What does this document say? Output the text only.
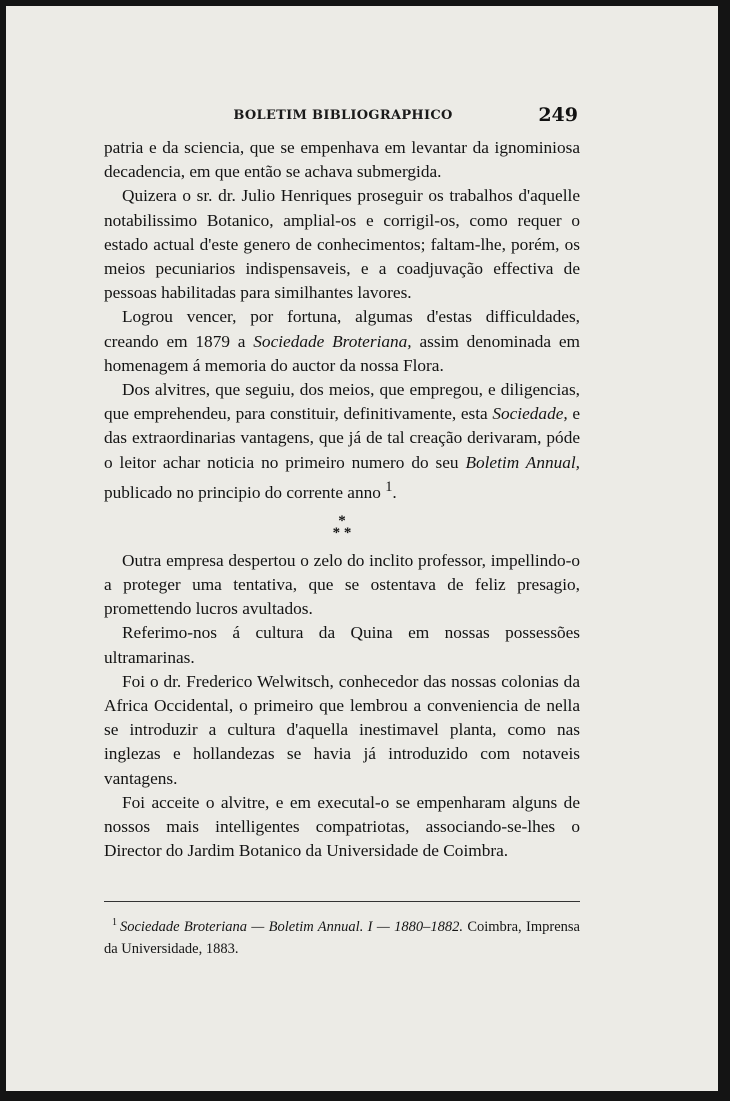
BOLETIM BIBLIOGRAPHICO	249

patria e da sciencia, que se empenhava em levantar da ignominiosa decadencia, em que então se achava submergida.

Quizera o sr. dr. Julio Henriques proseguir os trabalhos d'aquelle notabilissimo Botanico, amplial-os e corrigil-os, como requer o estado actual d'este genero de conhecimentos; faltam-lhe, porém, os meios pecuniarios indispensaveis, e a coadjuvação effectiva de pessoas habilitadas para similhantes lavores.

Logrou vencer, por fortuna, algumas d'estas difficuldades, creando em 1879 a Sociedade Broteriana, assim denominada em homenagem á memoria do auctor da nossa Flora.

Dos alvitres, que seguiu, dos meios, que empregou, e diligencias, que emprehendeu, para constituir, definitivamente, esta Sociedade, e das extraordinarias vantagens, que já de tal creação derivaram, póde o leitor achar noticia no primeiro numero do seu Boletim Annual, publicado no principio do corrente anno $^1$.

*
* *

Outra empresa despertou o zelo do inclito professor, impellindo-o a proteger uma tentativa, que se ostentava de feliz presagio, promettendo lucros avultados.

Referimo-nos á cultura da Quina em nossas possessões ultramarinas.

Foi o dr. Frederico Welwitsch, conhecedor das nossas colonias da Africa Occidental, o primeiro que lembrou a conveniencia de nella se introduzir a cultura d'aquella inestimavel planta, como nas inglezas e hollandezas se havia já introduzido com notaveis vantagens.

Foi acceite o alvitre, e em executal-o se empenharam alguns de nossos mais intelligentes compatriotas, associando-se-lhes o Director do Jardim Botanico da Universidade de Coimbra.

$^1$ Sociedade Broteriana — Boletim Annual. I — 1880–1882. Coimbra, Imprensa da Universidade, 1883.
